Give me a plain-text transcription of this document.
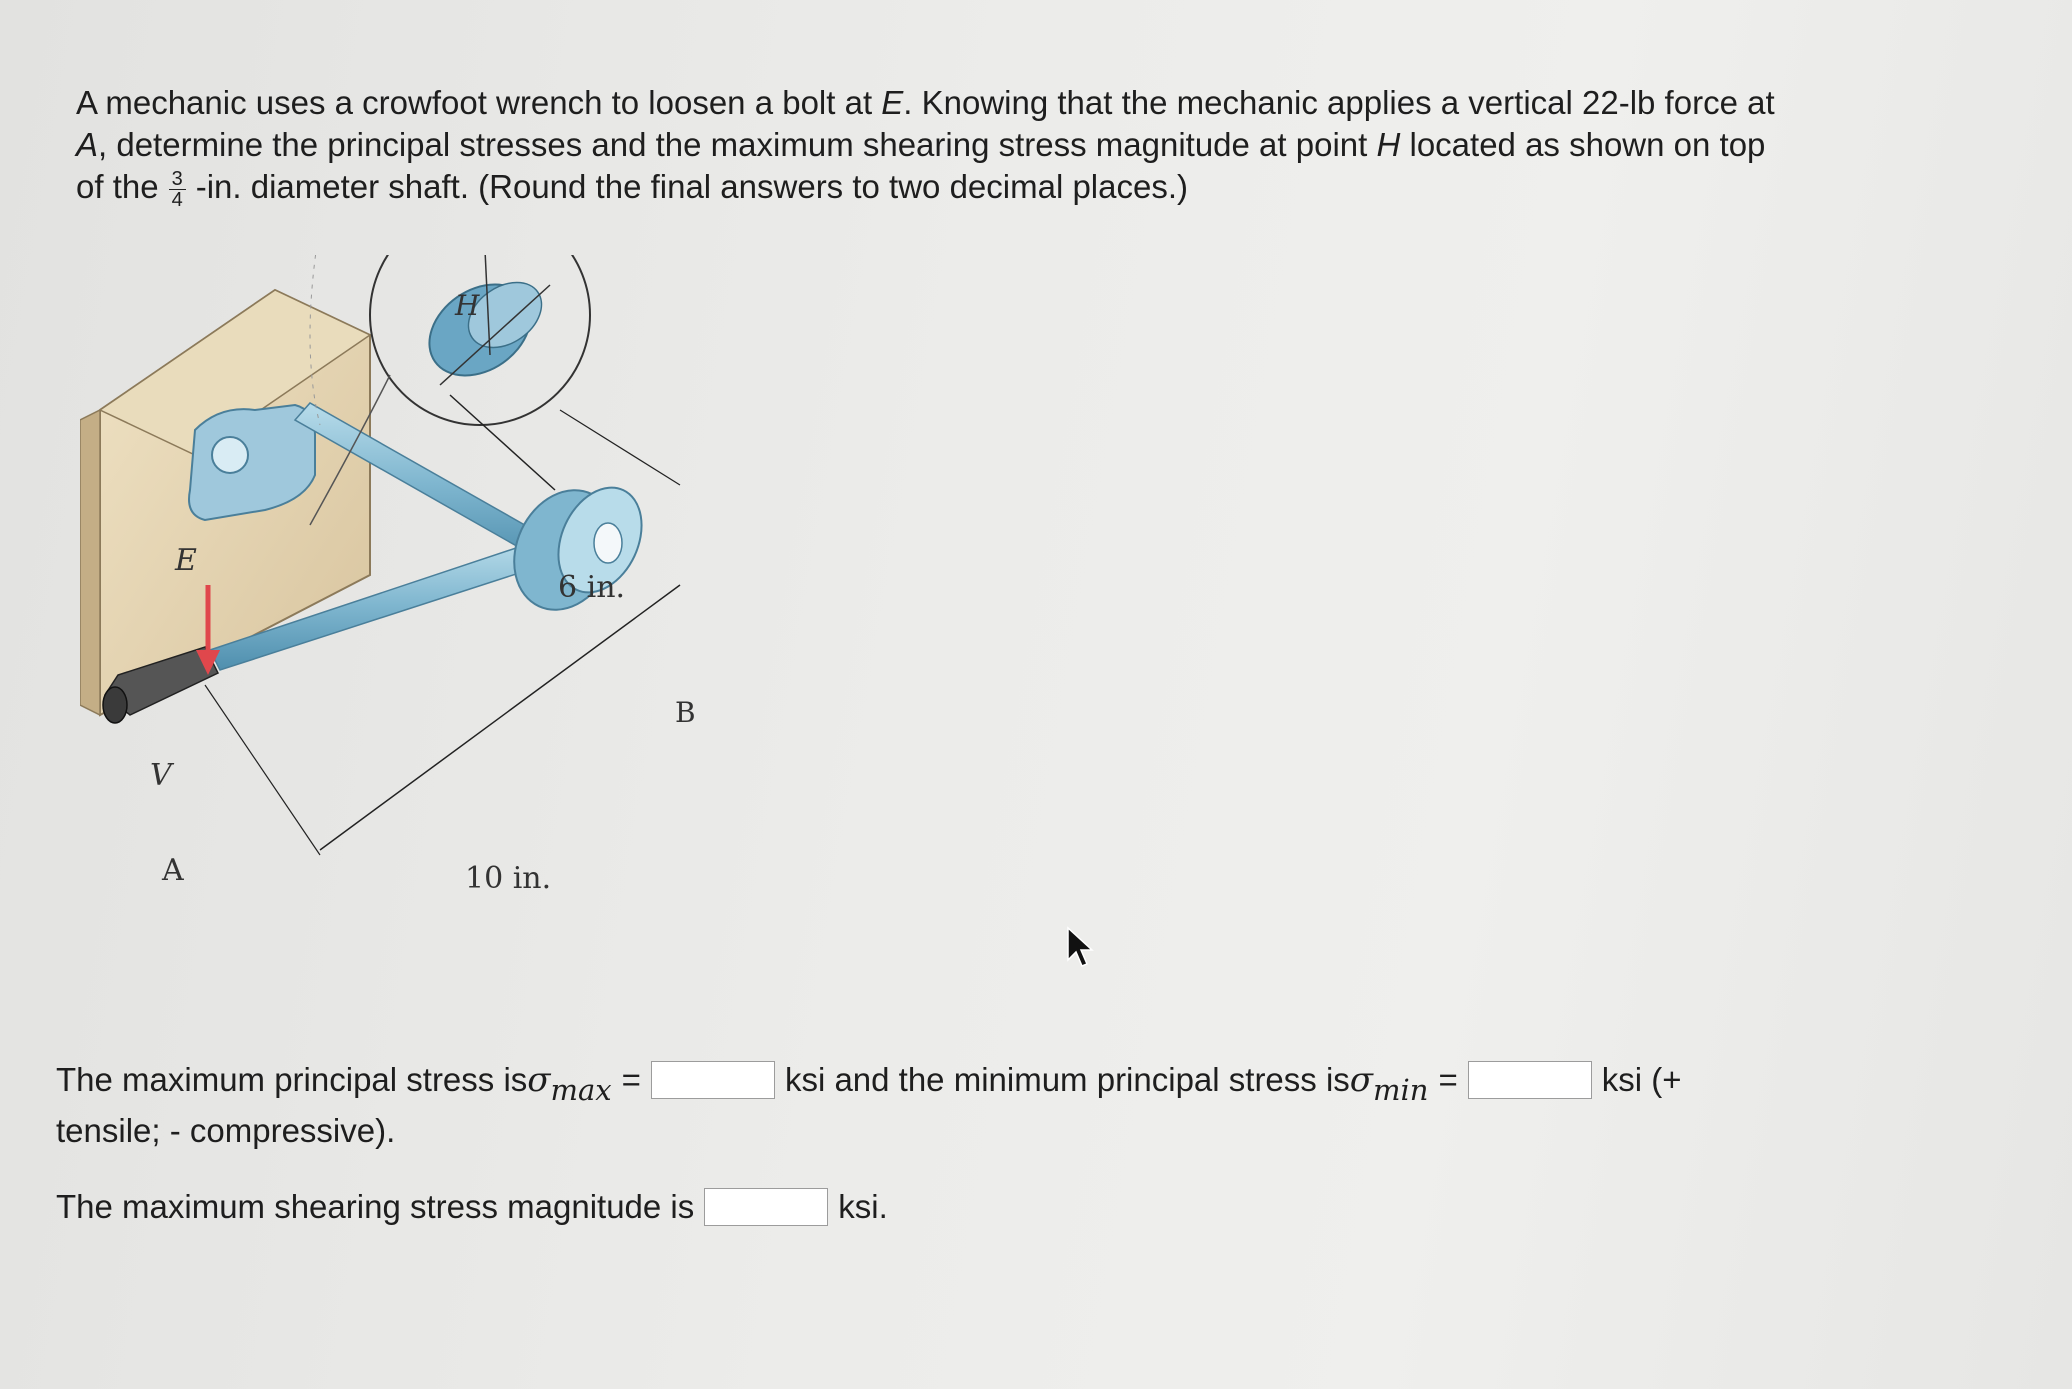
A mechanic uses a crowfoot wrench to loosen a bolt at E. Knowing that the mechanic applies a vertical 22-lb force at
A, determine the principal stresses and the maximum shearing stress magnitude at point H located as shown on top
of the $\frac{3}{4} -in$. diameter shaft. (Round the final answers to two decimal places.)
E
V
A
B
H
6 in.
10 in.
The maximum principal stress is σmax =	ksi and the minimum principal stress is σmin =	ksi (+
tensile; - compressive).
The maximum shearing stress magnitude is	ksi.
